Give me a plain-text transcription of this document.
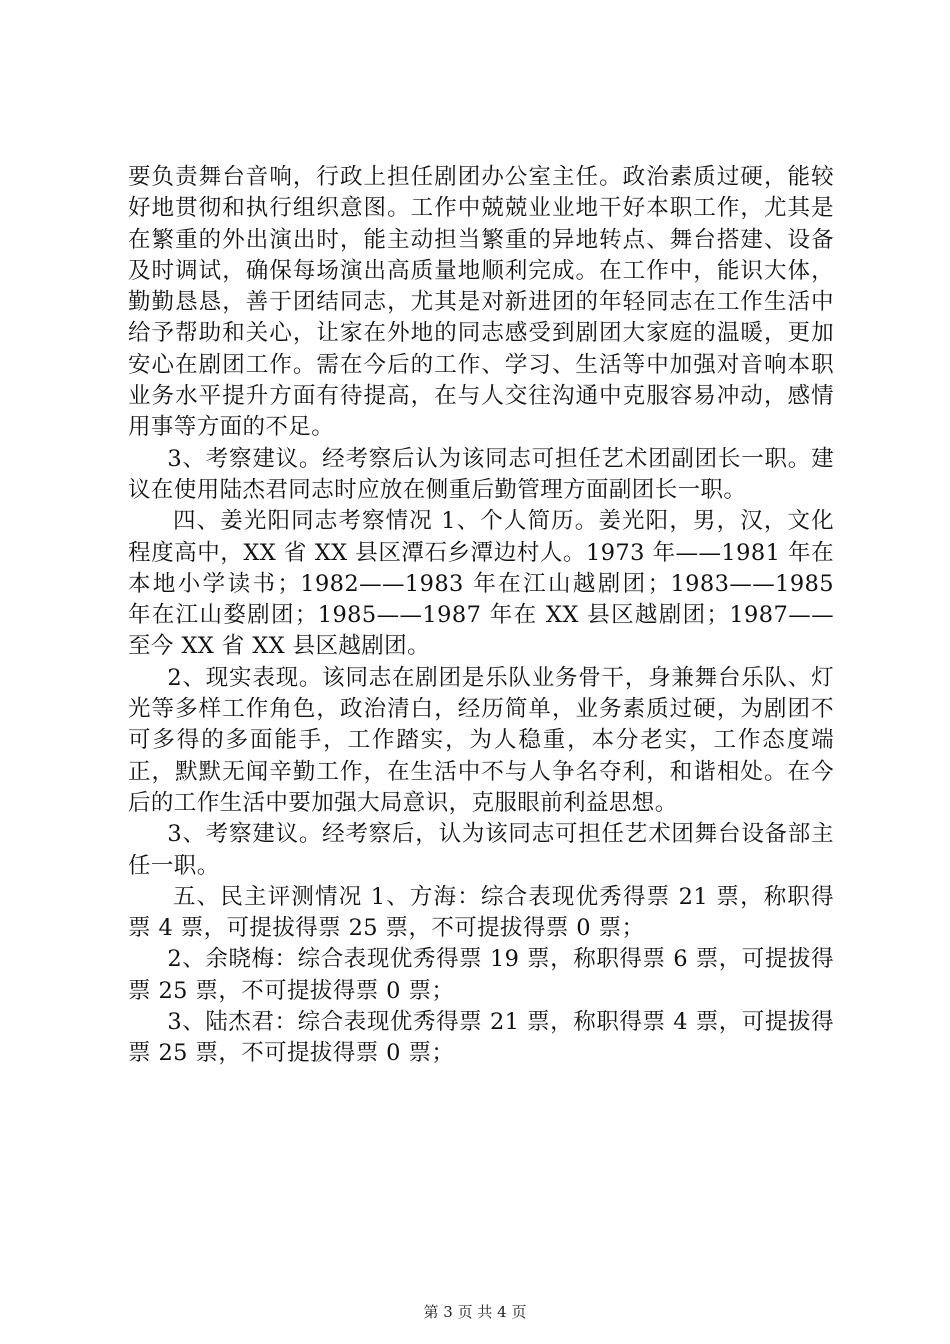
要负责舞台音响，行政上担任剧团办公室主任。政治素质过硬，能较好地贯彻和执行组织意图。工作中兢兢业业地干好本职工作，尤其是在繁重的外出演出时，能主动担当繁重的异地转点、舞台搭建、设备及时调试，确保每场演出高质量地顺利完成。在工作中，能识大体，勤勤恳恳，善于团结同志，尤其是对新进团的年轻同志在工作生活中给予帮助和关心，让家在外地的同志感受到剧团大家庭的温暖，更加安心在剧团工作。需在今后的工作、学习、生活等中加强对音响本职业务水平提升方面有待提高，在与人交往沟通中克服容易冲动，感情用事等方面的不足。

3、考察建议。经考察后认为该同志可担任艺术团副团长一职。建议在使用陆杰君同志时应放在侧重后勤管理方面副团长一职。

四、姜光阳同志考察情况 1、个人简历。姜光阳，男，汉，文化程度高中，XX 省 XX 县区潭石乡潭边村人。1973 年——1981 年在本地小学读书；1982——1983 年在江山越剧团；1983——1985 年在江山婺剧团；1985——1987 年在 XX 县区越剧团；1987——至今 XX 省 XX 县区越剧团。

2、现实表现。该同志在剧团是乐队业务骨干，身兼舞台乐队、灯光等多样工作角色，政治清白，经历简单，业务素质过硬，为剧团不可多得的多面能手，工作踏实，为人稳重，本分老实，工作态度端正，默默无闻辛勤工作，在生活中不与人争名夺利，和谐相处。在今后的工作生活中要加强大局意识，克服眼前利益思想。

3、考察建议。经考察后，认为该同志可担任艺术团舞台设备部主任一职。

五、民主评测情况 1、方海：综合表现优秀得票 21 票，称职得票 4 票，可提拔得票 25 票，不可提拔得票 0 票；

2、余晓梅：综合表现优秀得票 19 票，称职得票 6 票，可提拔得票 25 票，不可提拔得票 0 票；

3、陆杰君：综合表现优秀得票 21 票，称职得票 4 票，可提拔得票 25 票，不可提拔得票 0 票；

第 3 页 共 4 页
